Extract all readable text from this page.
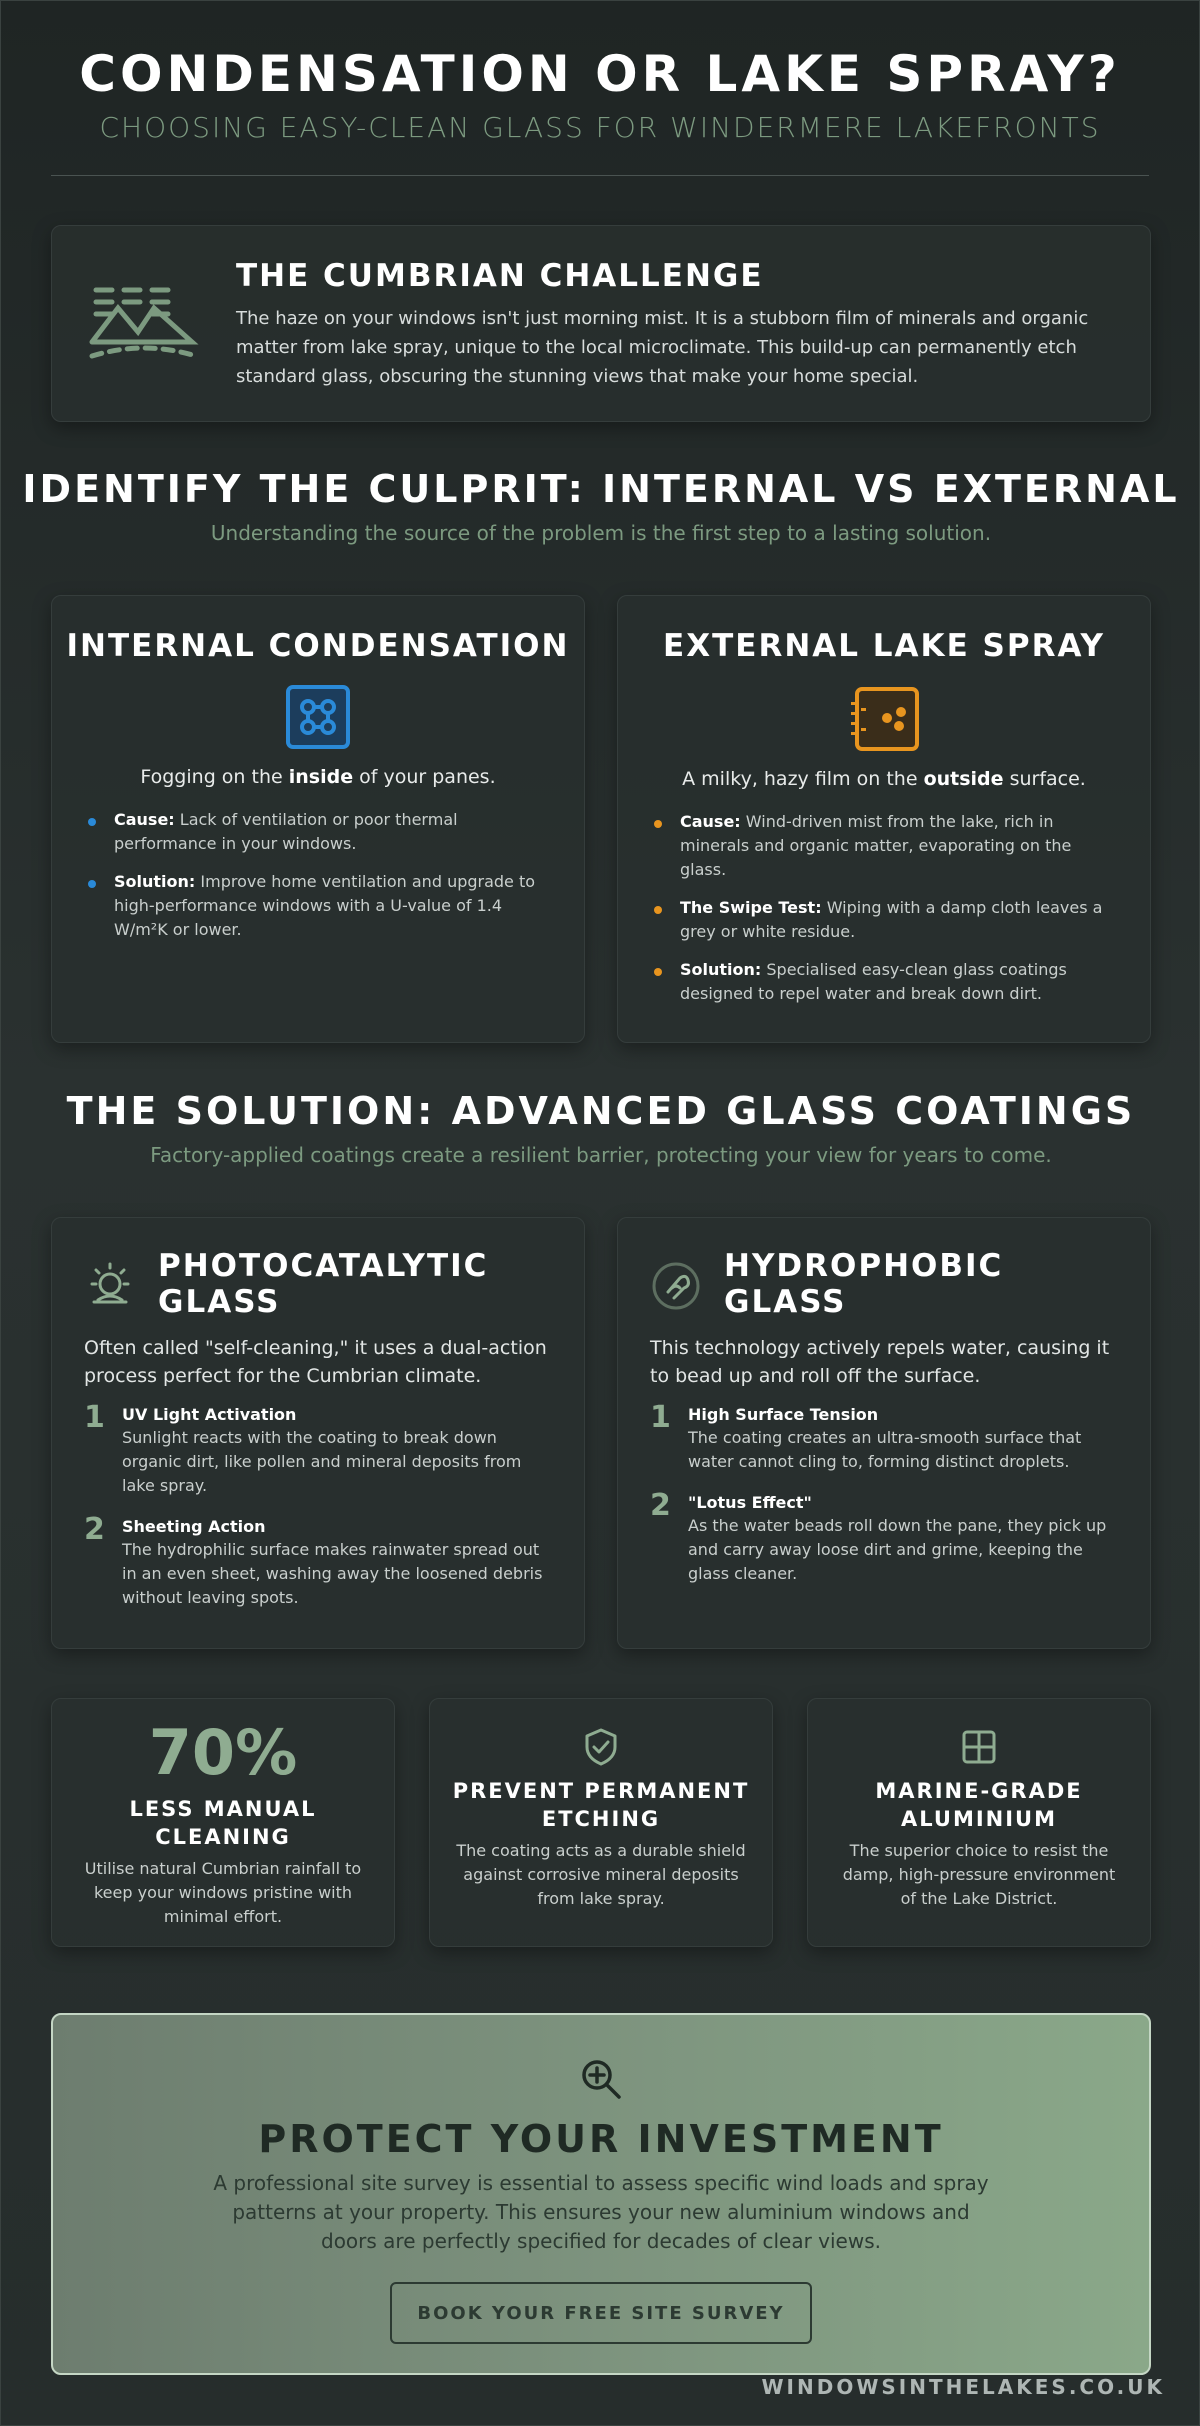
CONDENSATION OR LAKE SPRAY?
CHOOSING EASY-CLEAN GLASS FOR WINDERMERE LAKEFRONTS
THE CUMBRIAN CHALLENGE

The haze on your windows isn't just morning mist. It is a stubborn film of minerals and organic matter from lake spray, unique to the local microclimate. This build-up can permanently etch standard glass, obscuring the stunning views that make your home special.

IDENTIFY THE CULPRIT: INTERNAL VS EXTERNAL
Understanding the source of the problem is the first step to a lasting solution.
INTERNAL CONDENSATION
Fogging on the inside of your panes.
Cause: Lack of ventilation or poor thermal performance in your windows.
Solution: Improve home ventilation and upgrade to high-performance windows with a U-value of 1.4 W/m²K or lower.
EXTERNAL LAKE SPRAY
A milky, hazy film on the outside surface.
Cause: Wind-driven mist from the lake, rich in minerals and organic matter, evaporating on the glass.
The Swipe Test: Wiping with a damp cloth leaves a grey or white residue.
Solution: Specialised easy-clean glass coatings designed to repel water and break down dirt.
THE SOLUTION: ADVANCED GLASS COATINGS
Factory-applied coatings create a resilient barrier, protecting your view for years to come.
PHOTOCATALYTIC
GLASS
Often called "self-cleaning," it uses a dual-action process perfect for the Cumbrian climate.
1 UV Light Activation
Sunlight reacts with the coating to break down organic dirt, like pollen and mineral deposits from lake spray.
2 Sheeting Action
The hydrophilic surface makes rainwater spread out in an even sheet, washing away the loosened debris without leaving spots.
HYDROPHOBIC
GLASS
This technology actively repels water, causing it to bead up and roll off the surface.
1 High Surface Tension
The coating creates an ultra-smooth surface that water cannot cling to, forming distinct droplets.
2 "Lotus Effect"
As the water beads roll down the pane, they pick up and carry away loose dirt and grime, keeping the glass cleaner.
70%
LESS MANUAL CLEANING

Utilise natural Cumbrian rainfall to keep your windows pristine with minimal effort.

PREVENT PERMANENT ETCHING

The coating acts as a durable shield against corrosive mineral deposits from lake spray.

MARINE-GRADE ALUMINIUM

The superior choice to resist the damp, high-pressure environment of the Lake District.

PROTECT YOUR INVESTMENT

A professional site survey is essential to assess specific wind loads and spray patterns at your property. This ensures your new aluminium windows and doors are perfectly specified for decades of clear views.

BOOK YOUR FREE SITE SURVEY
WINDOWSINTHELAKES.CO.UK
